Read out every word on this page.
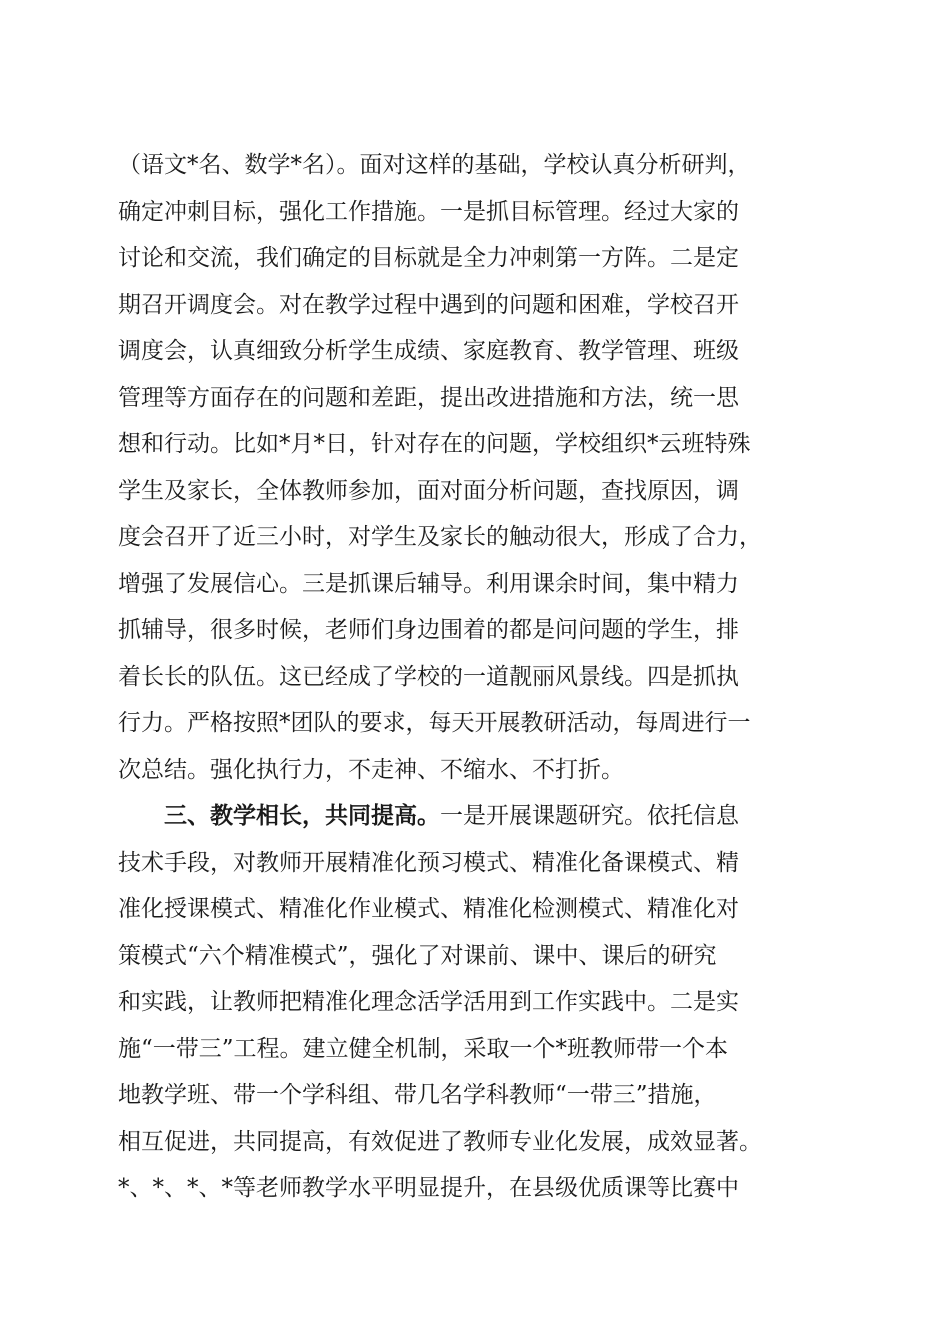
（语文*名、数学*名）。面对这样的基础，学校认真分析研判，
确定冲刺目标，强化工作措施。一是抓目标管理。经过大家的
讨论和交流，我们确定的目标就是全力冲刺第一方阵。二是定
期召开调度会。对在教学过程中遇到的问题和困难，学校召开
调度会，认真细致分析学生成绩、家庭教育、教学管理、班级
管理等方面存在的问题和差距，提出改进措施和方法，统一思
想和行动。比如*月*日，针对存在的问题，学校组织*云班特殊
学生及家长，全体教师参加，面对面分析问题，查找原因，调
度会召开了近三小时，对学生及家长的触动很大，形成了合力，
增强了发展信心。三是抓课后辅导。利用课余时间，集中精力
抓辅导，很多时候，老师们身边围着的都是问问题的学生，排
着长长的队伍。这已经成了学校的一道靓丽风景线。四是抓执
行力。严格按照*团队的要求，每天开展教研活动，每周进行一
次总结。强化执行力，不走神、不缩水、不打折。
三、教学相长，共同提高。一是开展课题研究。依托信息
技术手段，对教师开展精准化预习模式、精准化备课模式、精
准化授课模式、精准化作业模式、精准化检测模式、精准化对
策模式“六个精准模式”，强化了对课前、课中、课后的研究
和实践，让教师把精准化理念活学活用到工作实践中。二是实
施“一带三”工程。建立健全机制，采取一个*班教师带一个本
地教学班、带一个学科组、带几名学科教师“一带三”措施，
相互促进，共同提高，有效促进了教师专业化发展，成效显著。
*、*、*、*等老师教学水平明显提升，在县级优质课等比赛中
